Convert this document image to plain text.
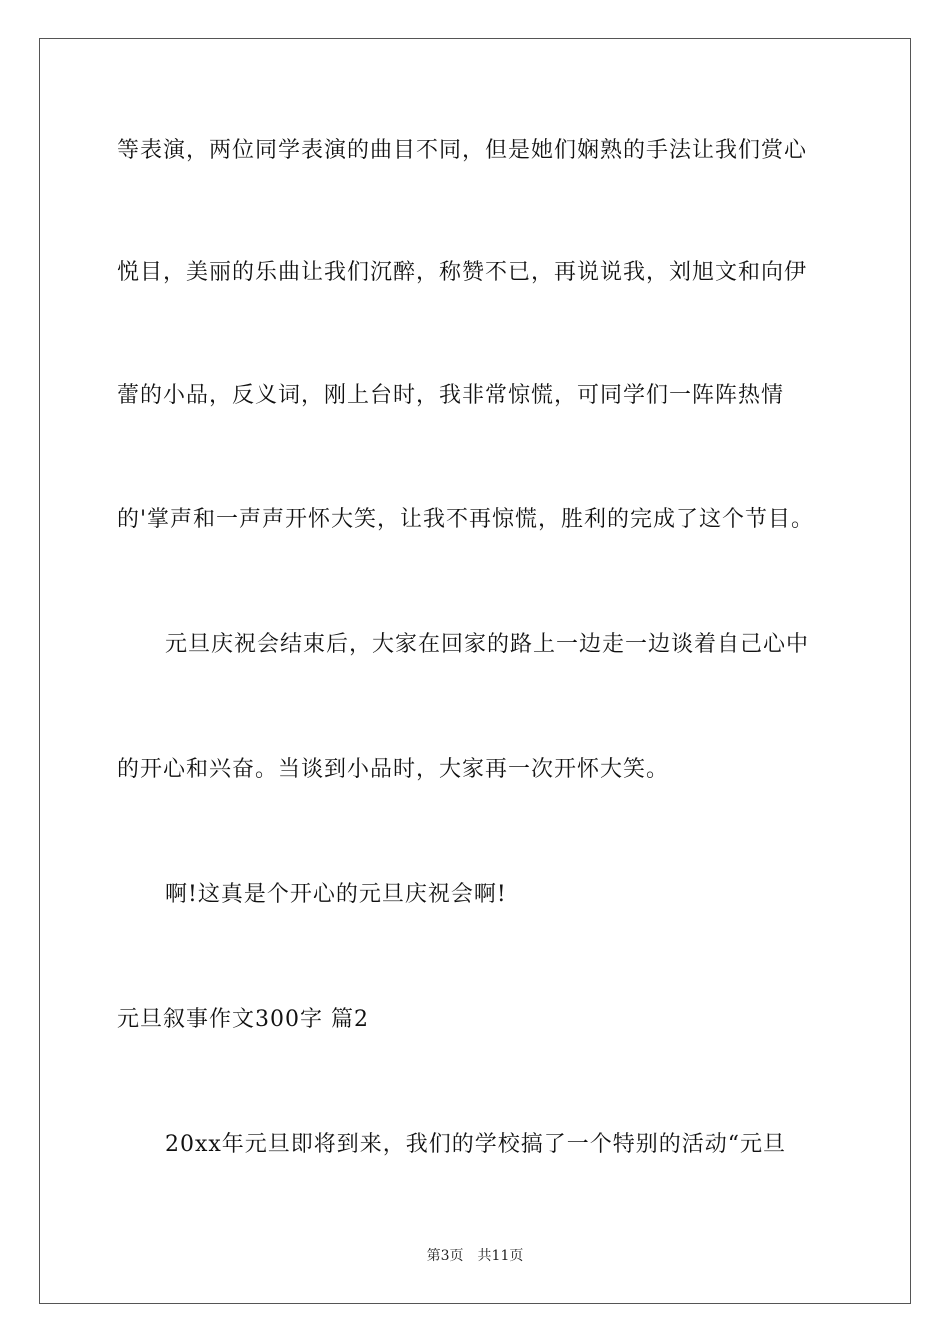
等表演，两位同学表演的曲目不同，但是她们娴熟的手法让我们赏心
悦目，美丽的乐曲让我们沉醉，称赞不已，再说说我，刘旭文和向伊
蕾的小品，反义词，刚上台时，我非常惊慌，可同学们一阵阵热情
的'掌声和一声声开怀大笑，让我不再惊慌，胜利的完成了这个节目。
元旦庆祝会结束后，大家在回家的路上一边走一边谈着自己心中
的开心和兴奋。当谈到小品时，大家再一次开怀大笑。
啊!这真是个开心的元旦庆祝会啊!
元旦叙事作文300字 篇2
20xx年元旦即将到来，我们的学校搞了一个特别的活动“元旦
第3页 共11页
